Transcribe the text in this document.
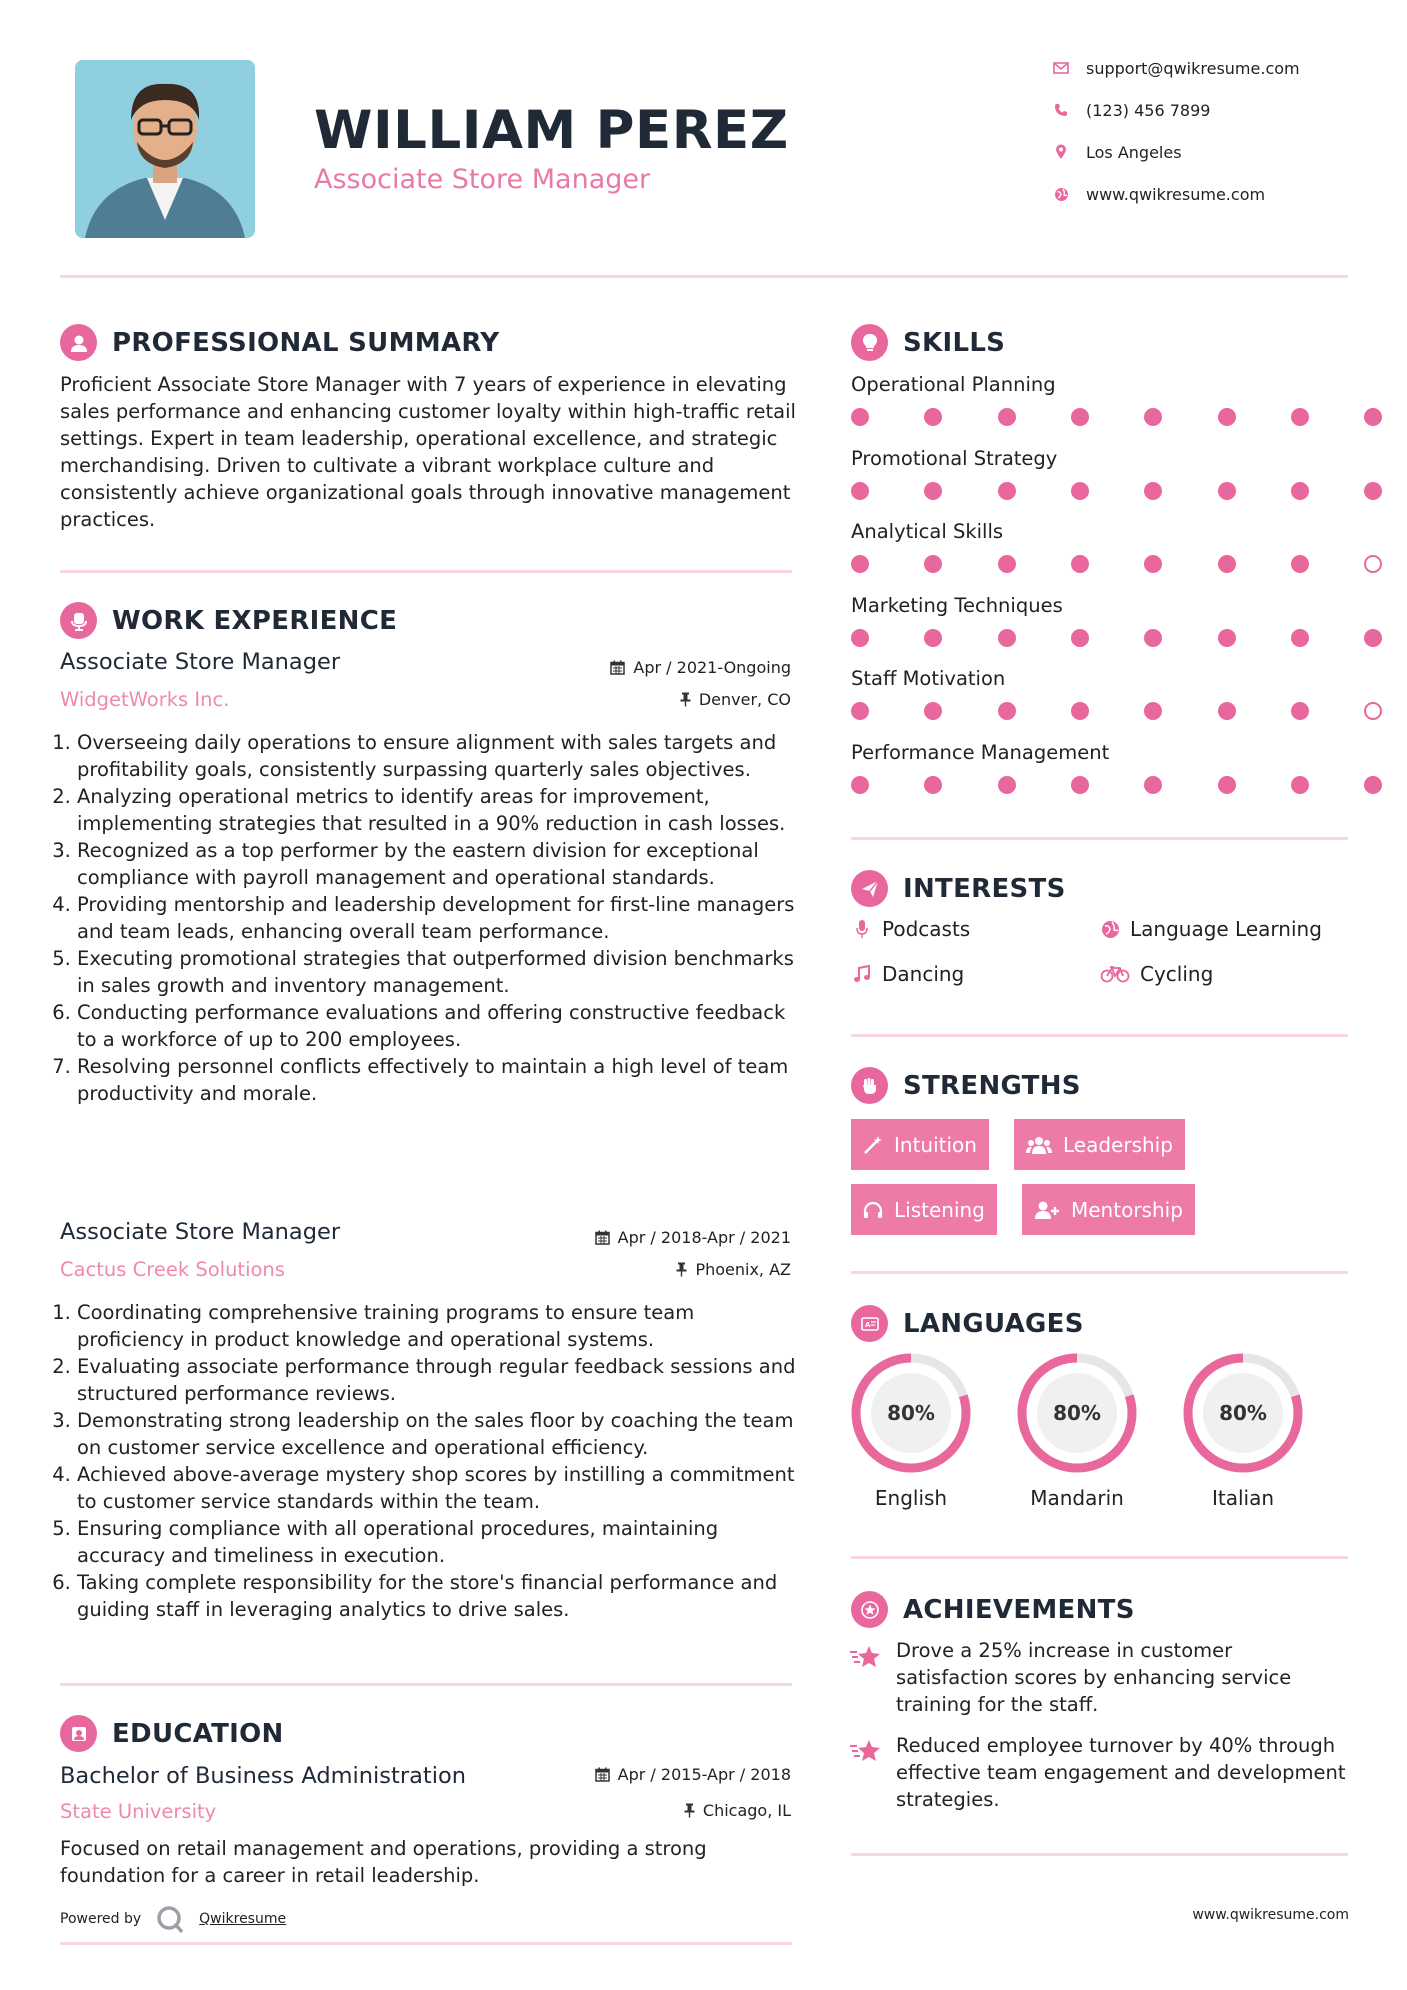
WILLIAM PEREZ
Associate Store Manager
support@qwikresume.com
(123) 456 7899
Los Angeles
www.qwikresume.com
PROFESSIONAL SUMMARY
Proficient Associate Store Manager with 7 years of experience in elevating sales performance and enhancing customer loyalty within high-traffic retail settings. Expert in team leadership, operational excellence, and strategic merchandising. Driven to cultivate a vibrant workplace culture and consistently achieve organizational goals through innovative management practices.
WORK EXPERIENCE
Associate Store Manager	Apr / 2021-Ongoing
WidgetWorks Inc.	Denver, CO
1. Overseeing daily operations to ensure alignment with sales targets and profitability goals, consistently surpassing quarterly sales objectives.
2. Analyzing operational metrics to identify areas for improvement, implementing strategies that resulted in a 90% reduction in cash losses.
3. Recognized as a top performer by the eastern division for exceptional compliance with payroll management and operational standards.
4. Providing mentorship and leadership development for first-line managers and team leads, enhancing overall team performance.
5. Executing promotional strategies that outperformed division benchmarks in sales growth and inventory management.
6. Conducting performance evaluations and offering constructive feedback to a workforce of up to 200 employees.
7. Resolving personnel conflicts effectively to maintain a high level of team productivity and morale.
Associate Store Manager	Apr / 2018-Apr / 2021
Cactus Creek Solutions	Phoenix, AZ
1. Coordinating comprehensive training programs to ensure team proficiency in product knowledge and operational systems.
2. Evaluating associate performance through regular feedback sessions and structured performance reviews.
3. Demonstrating strong leadership on the sales floor by coaching the team on customer service excellence and operational efficiency.
4. Achieved above-average mystery shop scores by instilling a commitment to customer service standards within the team.
5. Ensuring compliance with all operational procedures, maintaining accuracy and timeliness in execution.
6. Taking complete responsibility for the store's financial performance and guiding staff in leveraging analytics to drive sales.
EDUCATION
Bachelor of Business Administration	Apr / 2015-Apr / 2018
State University	Chicago, IL
Focused on retail management and operations, providing a strong foundation for a career in retail leadership.
Powered by	Qwikresume	www.qwikresume.com
SKILLS
Operational Planning
Promotional Strategy
Analytical Skills
Marketing Techniques
Staff Motivation
Performance Management
INTERESTS
Podcasts	Language Learning
Dancing	Cycling
STRENGTHS
Intuition	Leadership
Listening	Mentorship
A LANGUAGES
80%
English
80%
Mandarin
80%
Italian
ACHIEVEMENTS
Drove a 25% increase in customer satisfaction scores by enhancing service training for the staff.
Reduced employee turnover by 40% through effective team engagement and development strategies.
